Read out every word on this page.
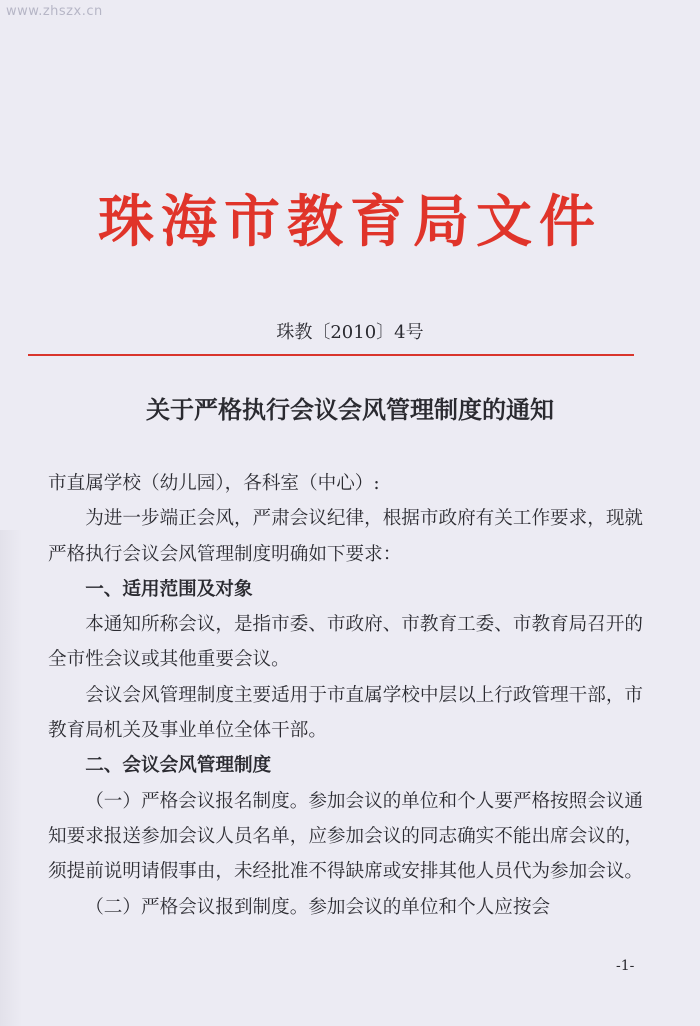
www.zhszx.cn
珠海市教育局文件
珠教〔2010〕4号
关于严格执行会议会风管理制度的通知

市直属学校（幼儿园），各科室（中心）:

为进一步端正会风，严肃会议纪律，根据市政府有关工作要求，现就严格执行会议会风管理制度明确如下要求：

一、适用范围及对象

本通知所称会议，是指市委、市政府、市教育工委、市教育局召开的全市性会议或其他重要会议。

会议会风管理制度主要适用于市直属学校中层以上行政管理干部，市教育局机关及事业单位全体干部。

二、会议会风管理制度

（一）严格会议报名制度。参加会议的单位和个人要严格按照会议通知要求报送参加会议人员名单，应参加会议的同志确实不能出席会议的，须提前说明请假事由，未经批准不得缺席或安排其他人员代为参加会议。

（二）严格会议报到制度。参加会议的单位和个人应按会

-1-
